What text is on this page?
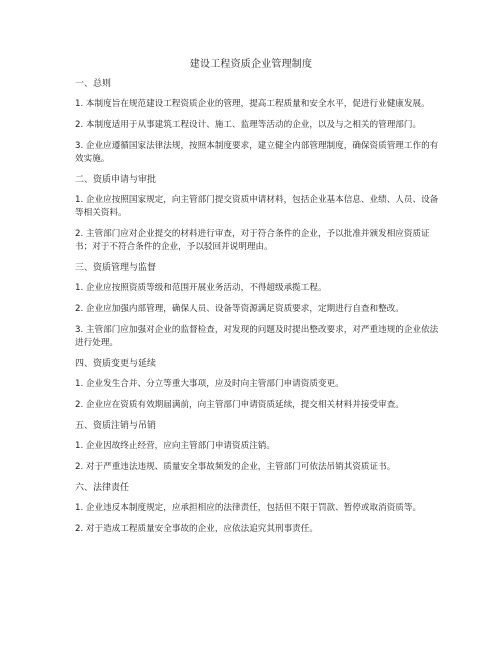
建设工程资质企业管理制度
一、总则

1. 本制度旨在规范建设工程资质企业的管理，提高工程质量和安全水平，促进行业健康发展。

2. 本制度适用于从事建筑工程设计、施工、监理等活动的企业，以及与之相关的管理部门。

3. 企业应遵循国家法律法规，按照本制度要求，建立健全内部管理制度，确保资质管理工作的有效实施。

二、资质申请与审批

1. 企业应按照国家规定，向主管部门提交资质申请材料，包括企业基本信息、业绩、人员、设备等相关资料。

2. 主管部门应对企业提交的材料进行审查，对于符合条件的企业，予以批准并颁发相应资质证书；对于不符合条件的企业，予以驳回并说明理由。

三、资质管理与监督

1. 企业应按照资质等级和范围开展业务活动，不得超级承揽工程。

2. 企业应加强内部管理，确保人员、设备等资源满足资质要求，定期进行自查和整改。

3. 主管部门应加强对企业的监督检查，对发现的问题及时提出整改要求，对严重违规的企业依法进行处理。

四、资质变更与延续

1. 企业发生合并、分立等重大事项，应及时向主管部门申请资质变更。

2. 企业应在资质有效期届满前，向主管部门申请资质延续，提交相关材料并接受审查。

五、资质注销与吊销

1. 企业因故终止经营，应向主管部门申请资质注销。

2. 对于严重违法违规、质量安全事故频发的企业，主管部门可依法吊销其资质证书。

六、法律责任

1. 企业违反本制度规定，应承担相应的法律责任，包括但不限于罚款、暂停或取消资质等。

2. 对于造成工程质量安全事故的企业，应依法追究其刑事责任。
